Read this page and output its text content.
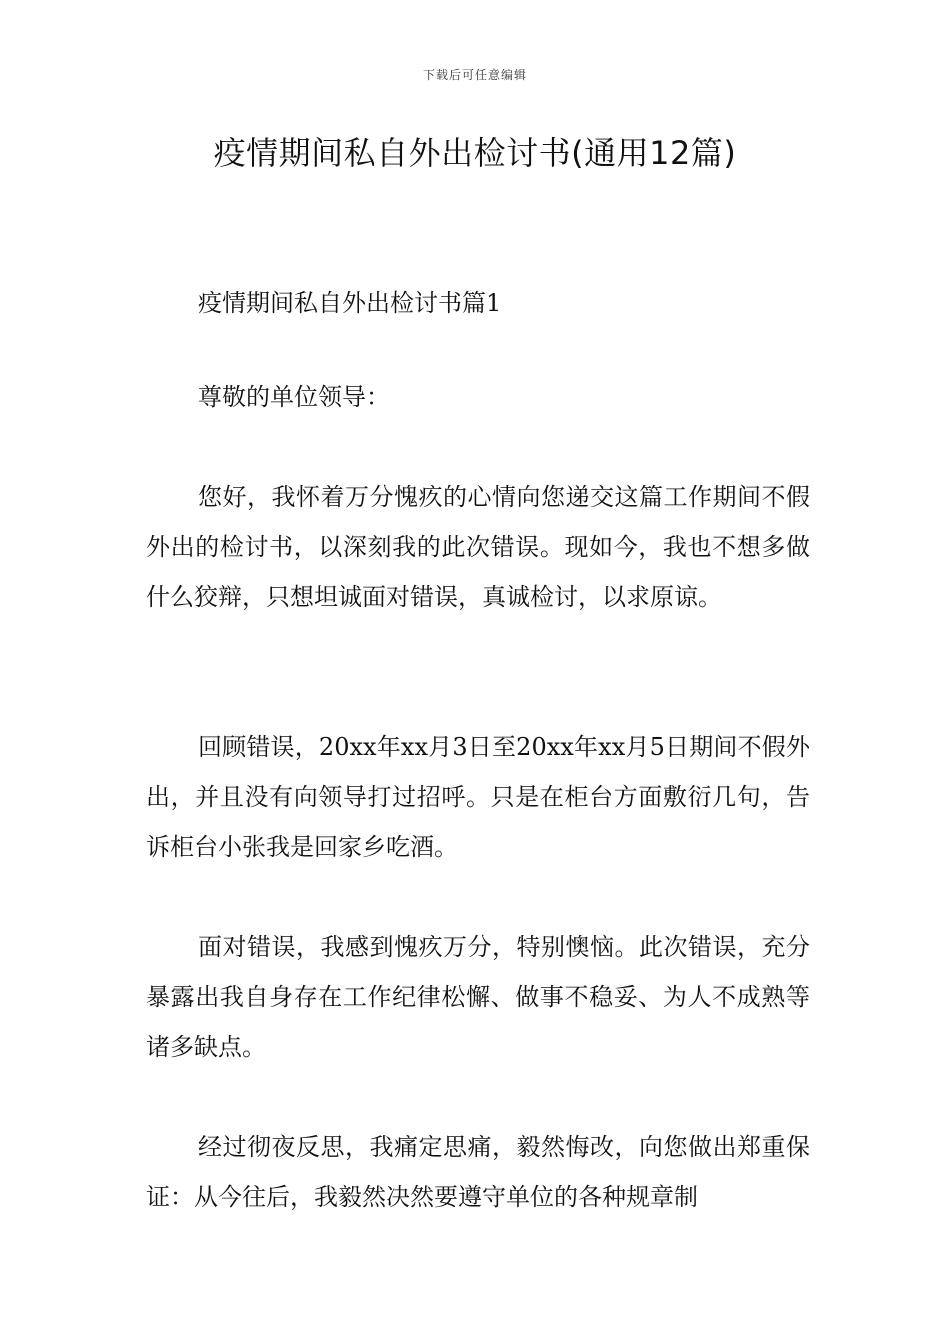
下载后可任意编辑
疫情期间私自外出检讨书(通用12篇)

疫情期间私自外出检讨书篇1

尊敬的单位领导：

您好，我怀着万分愧疚的心情向您递交这篇工作期间不假外出的检讨书，以深刻我的此次错误。现如今，我也不想多做什么狡辩，只想坦诚面对错误，真诚检讨，以求原谅。

回顾错误，20xx年xx月3日至20xx年xx月5日期间不假外出，并且没有向领导打过招呼。只是在柜台方面敷衍几句，告诉柜台小张我是回家乡吃酒。

面对错误，我感到愧疚万分，特别懊恼。此次错误，充分暴露出我自身存在工作纪律松懈、做事不稳妥、为人不成熟等诸多缺点。

经过彻夜反思，我痛定思痛，毅然悔改，向您做出郑重保证：从今往后，我毅然决然要遵守单位的各种规章制
